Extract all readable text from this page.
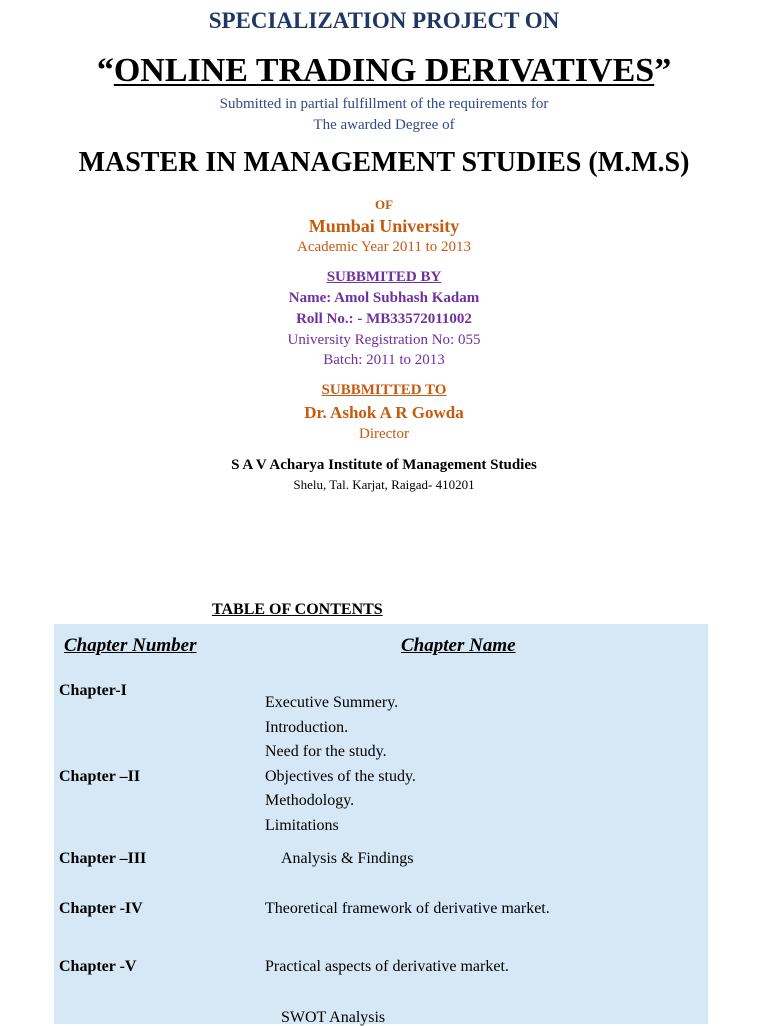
SPECIALIZATION PROJECT ON
“ONLINE TRADING DERIVATIVES”
Submitted in partial fulfillment of the requirements for
The awarded Degree of
MASTER IN MANAGEMENT STUDIES (M.M.S)
OF
Mumbai University
Academic Year 2011 to 2013
SUBBMITED BY
Name: Amol Subhash Kadam
Roll No.: - MB33572011002
University Registration No: 055
Batch: 2011 to 2013
SUBBMITTED TO
Dr. Ashok A R Gowda
Director
S A V Acharya Institute of Management Studies
Shelu, Tal. Karjat, Raigad- 410201
TABLE OF CONTENTS
Chapter Number	Chapter Name
Chapter-I
Chapter –II
Chapter –III
Chapter -IV
Chapter -V
Executive Summery.
Introduction.
Need for the study.
Objectives of the study.
Methodology.
Limitations
Analysis & Findings
Theoretical framework of derivative market.
Practical aspects of derivative market.
SWOT Analysis
